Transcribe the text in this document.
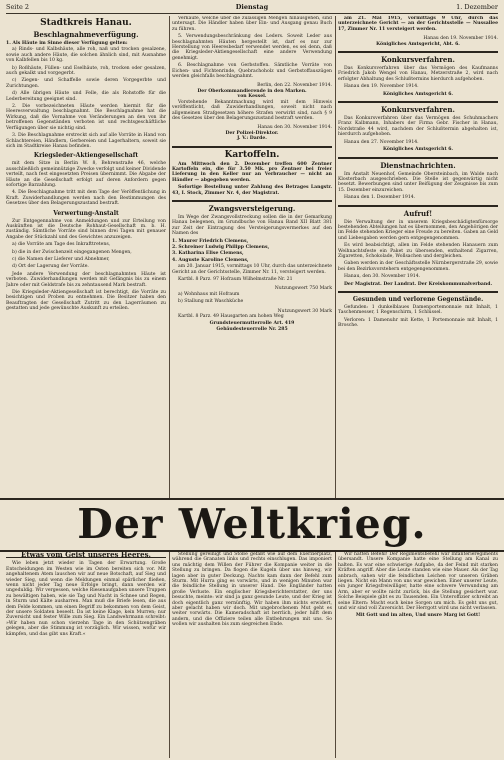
Seite 2	Dienstag	1. Dezember
Stadtkreis Hanau.
Beschlagnahmeverfügung.
1. Als Häute im Sinne dieser Verfügung gelten:
a) Rinds- und Kalbshäute, alle roh, naß und trocken gesalzene, sowie auch andere Häute, die solchen ähnlich sind, mit Ausnahme von Kalbfellen bis 10 kg.
b) Roßhäute, Füllen- und Eselhäute, roh, trocken oder gesalzen, auch gekalkt und vorgegerbt.
c) Ziegen- und Schaffelle sowie deren Vorgegerbte und Zurichtungen.
d) Alle übrigen Häute und Felle, die als Rohstoffe für die Lederbereitung geeignet sind.
2. Die vorbezeichneten Häute werden hiermit für die Heeresverwaltung beschlagnahmt. Die Beschlagnahme hat die Wirkung, daß die Vornahme von Veränderungen an den von ihr betroffenen Gegenständen verboten ist und rechtsgeschäftliche Verfügungen über sie nichtig sind.
3. Die Beschlagnahme erstreckt sich auf alle Vorräte in Hand von Schlachtereien, Händlern, Gerbereien und Lagerhaltern, soweit sie sich im Stadtkreise Hanau befinden.
Kriegsleder-Aktiengesellschaft
mit dem Sitze in Berlin W. 8, Behrenstraße 46, welche ausschließlich gemeinnützige Zwecke verfolgt und keiner Dividende verteilt, nach fest eingesetzten Preisen übernimmt. Die Abgabe der Häute an die Gesellschaft erfolgt auf deren Anfordern gegen sofortige Barzahlung.
4. Die Beschlagnahme tritt mit dem Tage der Veröffentlichung in Kraft. Zuwiderhandlungen werden nach den Bestimmungen des Gesetzes über den Belagerungszustand bestraft.
Verwertung-Anstalt
Zur Entgegennahme von Anmeldungen und zur Erteilung von Auskünften ist die Deutsche Rohhaut-Gesellschaft m. b. H. zuständig. Sämtliche Vorräte sind binnen drei Tagen mit genauer Angabe der Stückzahl und des Gewichtes anzuzeigen.
a) die Vorräte am Tage des Inkrafttretens,
b) die in der Zwischenzeit eingegangenen Mengen,
c) die Namen der Lieferer und Abnehmer,
d) Ort der Lagerung der Vorräte.
Jede andere Verwendung der beschlagnahmten Häute ist verboten. Zuwiderhandlungen werden mit Gefängnis bis zu einem Jahre oder mit Geldstrafe bis zu zehntausend Mark bestraft.
Die Kriegsleder-Aktiengesellschaft ist berechtigt, die Vorräte zu besichtigen und Proben zu entnehmen. Die Besitzer haben den Beauftragten der Gesellschaft Zutritt zu den Lagerräumen zu gestatten und jede gewünschte Auskunft zu erteilen.
Verkäufe, welche über die zulässigen Mengen hinausgehen, sind untersagt. Die Händler haben über Ein- und Ausgang genau Buch zu führen.
5. Verwendungsbeschränkung des Leders. Soweit Leder aus beschlagnahmten Häuten hergestellt ist, darf es nur zur Herstellung von Heeresbedarf verwendet werden, es sei denn, daß die Kriegsleder-Aktiengesellschaft eine andere Verwendung genehmigt.
6. Beschlagnahme von Gerbstoffen. Sämtliche Vorräte von Eichen- und Fichtenrinde, Quebrachoholz und Gerbstoffauszügen werden gleichfalls beschlagnahmt.
Berlin, den 22. November 1914.
Der Oberkommandierende in den Marken.
von Kessel.
Vorstehende Bekanntmachung wird mit dem Hinweis veröffentlicht, daß Zuwiderhandlungen, soweit nicht nach allgemeinen Strafgesetzen höhere Strafen verwirkt sind, nach § 9 des Gesetzes über den Belagerungszustand bestraft werden.
Hanau den 30. November 1914.
Der Polizei-Direktor.
J. V.: Darde.
Kartoffeln.
Am Mittwoch den 2. Dezember treffen 600 Zentner Kartoffeln ein, die für 3.50 Mk. pro Zentner bei freier Lieferung in den Keller nur an Verbraucher — nicht an Händler — abgegeben werden.
Sofortige Bestellung unter Zahlung des Betrages Langstr. 43, I. Stock, Zimmer Nr. 4, der Magistrat.
Zwangsversteigerung.
Im Wege der Zwangsvollstreckung sollen die in der Gemarkung Hanau belegenen, im Grundbuche von Hanau Band XII Blatt 381 zur Zeit der Eintragung des Versteigerungsvermerkes auf den Namen des
1. Maurer Friedrich Clemens,
2. Schreiner Ludwig Philipp Clemens,
3. Katharina Elise Clemens,
4. Auguste Karoline Clemens,
am 20. Januar 1915, vormittags 10 Uhr, durch das unterzeichnete Gericht an der Gerichtsstelle, Zimmer Nr. 11, versteigert werden.
Kartbl. 8 Parz. 97 Hofraum Wilhelmstraße Nr. 21
Nutzungswert 750 Mark
a) Wohnhaus mit Hofraum
b) Stallung mit Waschküche
Nutzungswert 30 Mark
Kartbl. 8 Parz. 49 Hausgarten am hohen Weg
Grundsteuermutterrolle Art. 419
Gebäudesteuerrolle Nr. 285
am 21. Mai 1915, vormittags 9 Uhr, durch das unterzeichnete Gericht — an der Gerichtsstelle — Nussallee 17, Zimmer Nr. 11 versteigert werden.
Hanau den 19. November 1914.
Königliches Amtsgericht, Abt. 6.
Konkursverfahren.
Das Konkursverfahren über das Vermögen des Kaufmanns Friedrich Jakob Wengel von Hanau, Metzerstraße 2, wird nach erfolgter Abhaltung des Schlußtermins hierdurch aufgehoben.
Hanau den 19. November 1914.
Königliches Amtsgericht 6.
Konkursverfahren.
Das Konkursverfahren über das Vermögen des Schuhmachers Franz Kalbmann, Inhabers der Firma Gebr. Fischer in Hanau, Nordstraße 44 wird, nachdem der Schlußtermin abgehalten ist, hierdurch aufgehoben.
Hanau den 27. November 1914.
Königliches Amtsgericht 6.
Dienstnachrichten.
Im Anstalt Neuenhof, Gemeinde Obersteinbach, im Walde nach Klosterbach ausgeschrieben. Die Stelle ist gegenwärtig nicht besetzt. Bewerbungen sind unter Beifügung der Zeugnisse bis zum 15. Dezember einzureichen.
Hanau den 1. Dezember 1914.
Aufruf!
Die Verwaltung der in unserem Kriegsbeschädigtenfürsorge bestehenden Abteilungen hat es übernommen, den Angehörigen der im Felde stehenden Krieger eine Freude zu bereiten. Gaben an Geld und Liebesgaben werden gern entgegengenommen.
Es wird beabsichtigt, allen im Felde stehenden Hanauern zum Weihnachtsfeste ein Paket zu übersenden, enthaltend Zigarren, Zigaretten, Schokolade, Wollsachen und dergleichen.
Gaben werden in der Geschäftsstelle Nürnbergerstraße 29, sowie bei den Bezirksvorstehern entgegengenommen.
Hanau, den 30. November 1914.
Der Magistrat. Der Landrat. Der Kreiskommunalverband.
Gesunden und verlorene Gegenstände.
Gefunden: 1 dunkelblaues Damenportemonnaie mit Inhalt, 1 Taschenmesser, 1 Regenschirm, 1 Schlüssel.
Verloren: 1 Damenuhr mit Kette, 1 Portemonnaie mit Inhalt, 1 Brosche.
Der Weltkrieg.
Etwas vom Geist unseres Heeres.
Wie leben jetzt wieder in Tagen der Erwartung. Große Entscheidungen im Westen wie im Osten bereiten sich vor. Mit angehaltenem Atem lauschen wir auf neue Botschaft, auf Sieg und wieder Sieg, und wenn die Meldungen einmal spärlicher fließen, wenn nicht jeder Tag neue Erfolge bringt, dann werden wir ungeduldig. Wir vergessen, welche Riesenaufgaben unsere Truppen zu bewältigen haben, wie sie Tag und Nacht in Schnee und Regen, in Sturm und Kälte ausharren. Man muß die Briefe lesen, die aus dem Felde kommen, um einen Begriff zu bekommen von dem Geist, der unsere Soldaten beseelt. Da ist keine Klage, kein Murren; nur Zuversicht und fester Wille zum Sieg. Ein Landwehrmann schreibt: »Wir haben nun schon vierzehn Tage in den Schützengräben gelegen, aber die Stimmung ist vorzüglich. Wir wissen, wofür wir kämpfen, und das gibt uns Kraft.«
Stellung gereinigt und Stöße gefaßt wie auf dem Exerzierplatz, während die Granaten links und rechts einschlugen. Das imponiert uns mächtig dem Willen der Führer die Kompanie weiter in die Stellung zu bringen. Da flogen die Kugeln über uns hinweg, wir lagen aber in guter Deckung. Nachts kam dann der Befehl zum Sturm. Mit Hurra ging es vorwärts, und in wenigen Minuten war die feindliche Stellung in unserer Hand. Die Engländer hatten große Verluste. Ein englischer Kriegsberichterstatter, der uns besuchte, meinte: wir sind ja ganz gesunde Leute, und der Krieg ist doch eigentlich ganz vernünftig. Wir haben ihm nichts erwidert, aber gelacht haben wir doch. Mit ungebrochenem Mut geht es weiter vorwärts. Die Kameradschaft ist herrlich, jeder hilft dem andern, und die Offiziere teilen alle Entbehrungen mit uns. So wollen wir aushalten bis zum siegreichen Ende.
Wir hatten Befehl! Der Regimentsbefehl war Infanterieregiments übersandt. Unsere Kompanie hatte eine Stellung am Kanal zu halten. Es war eine schwierige Aufgabe, da der Feind mit starken Kräften angriff. Aber die Leute standen wie eine Mauer. Als der Tag anbrach, sahen wir die feindlichen Leichen vor unseren Gräben liegen. Nicht ein Mann von uns war gewichen. Einer unserer Leute, ein junger Kriegsfreiwilliger, hatte eine schwere Verwundung am Arm, aber er wollte nicht zurück, bis die Stellung gesichert war. Solche Beispiele gibt es zu Tausenden. Ein Unteroffizier schreibt an seine Eltern: Macht euch keine Sorgen um mich. Es geht uns gut, und wir sind voll Zuversicht. Der Herrgott wird uns nicht verlassen.
Mit Gott und im alten, Und unsre Marg ist Gott!
